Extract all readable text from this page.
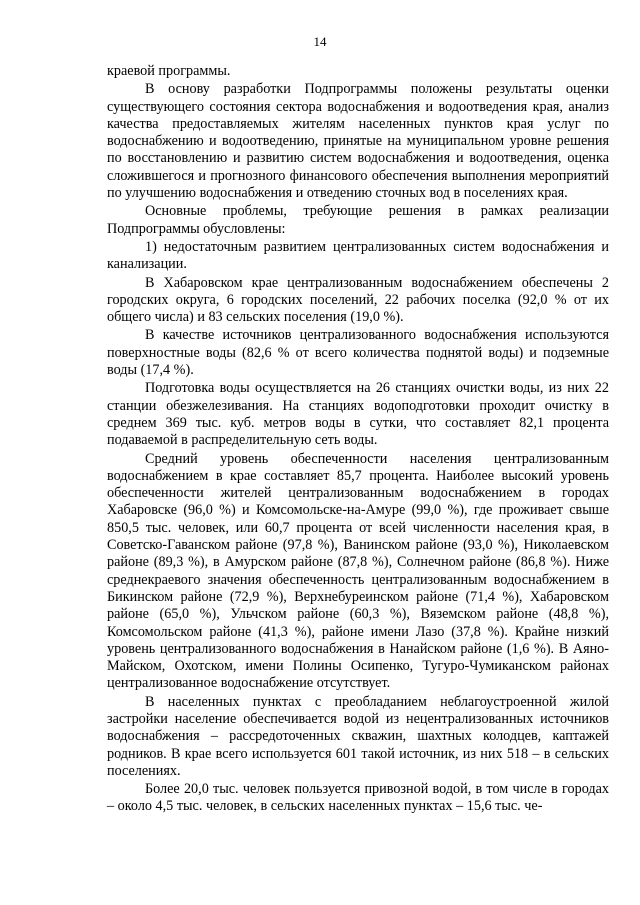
14

краевой программы.

В основу разработки Подпрограммы положены результаты оценки существующего состояния сектора водоснабжения и водоотведения края, анализ качества предоставляемых жителям населенных пунктов края услуг по водоснабжению и водоотведению, принятые на муниципальном уровне решения по восстановлению и развитию систем водоснабжения и водоотведения, оценка сложившегося и прогнозного финансового обеспечения выполнения мероприятий по улучшению водоснабжения и отведению сточных вод в поселениях края.

Основные проблемы, требующие решения в рамках реализации Подпрограммы обусловлены:

1) недостаточным развитием централизованных систем водоснабжения и канализации.

В Хабаровском крае централизованным водоснабжением обеспечены 2 городских округа, 6 городских поселений, 22 рабочих поселка (92,0 % от их общего числа) и 83 сельских поселения (19,0 %).

В качестве источников централизованного водоснабжения используются поверхностные воды (82,6 % от всего количества поднятой воды) и подземные воды (17,4 %).

Подготовка воды осуществляется на 26 станциях очистки воды, из них 22 станции обезжелезивания. На станциях водоподготовки проходит очистку в среднем 369 тыс. куб. метров воды в сутки, что составляет 82,1 процента подаваемой в распределительную сеть воды.

Средний уровень обеспеченности населения централизованным водоснабжением в крае составляет 85,7 процента. Наиболее высокий уровень обеспеченности жителей централизованным водоснабжением в городах Хабаровске (96,0 %) и Комсомольске-на-Амуре (99,0 %), где проживает свыше 850,5 тыс. человек, или 60,7 процента от всей численности населения края, в Советско-Гаванском районе (97,8 %), Ванинском районе (93,0 %), Николаевском районе (89,3 %), в Амурском районе (87,8 %), Солнечном районе (86,8 %). Ниже среднекраевого значения обеспеченность централизованным водоснабжением в Бикинском районе (72,9 %), Верхнебуреинском районе (71,4 %), Хабаровском районе (65,0 %), Ульчском районе (60,3 %), Вяземском районе (48,8 %), Комсомольском районе (41,3 %), районе имени Лазо (37,8 %). Крайне низкий уровень централизованного водоснабжения в Нанайском районе (1,6 %). В Аяно-Майском, Охотском, имени Полины Осипенко, Тугуро-Чумиканском районах централизованное водоснабжение отсутствует.

В населенных пунктах с преобладанием неблагоустроенной жилой застройки население обеспечивается водой из нецентрализованных источников водоснабжения – рассредоточенных скважин, шахтных колодцев, каптажей родников. В крае всего используется 601 такой источник, из них 518 – в сельских поселениях.

Более 20,0 тыс. человек пользуется привозной водой, в том числе в городах – около 4,5 тыс. человек, в сельских населенных пунктах – 15,6 тыс. че-
